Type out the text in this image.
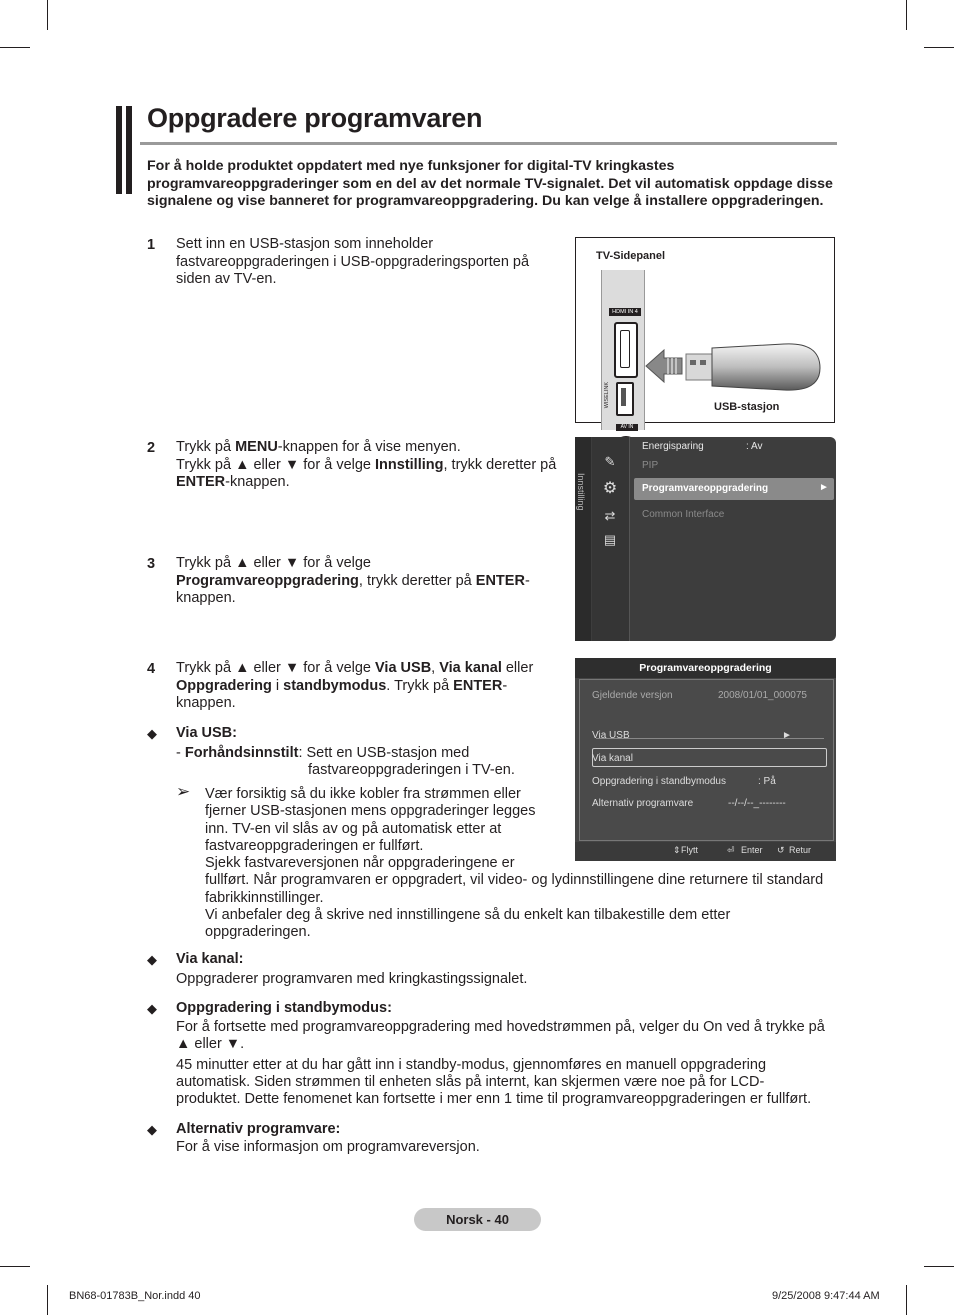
Oppgradere programvaren
For å holde produktet oppdatert med nye funksjoner for digital-TV kringkastes programvareoppgraderinger som en del av det normale TV-signalet. Det vil automatisk oppdage disse signalene og vise banneret for programvareoppgradering. Du kan velge å installere oppgraderingen.
1 Sett inn en USB-stasjon som inneholder fastvareoppgraderingen i USB-oppgraderingsporten på siden av TV-en.
TV-Sidepanel
HDMI IN 4
WISELINK
AV IN
USB-stasjon
2 Trykk på MENU-knappen for å vise menyen.
Trykk på ▲ eller ▼ for å velge Innstilling, trykk deretter på ENTER-knappen.	Innstilling
✎
⚙
⇄
▤
Energisparing	: Av
PIP
Programvareoppgradering	►
Common Interface
3 Trykk på ▲ eller ▼ for å velge
Programvareoppgradering, trykk deretter på ENTER-knappen.
4 Trykk på ▲ eller ▼ for å velge Via USB, Via kanal eller
Oppgradering i standbymodus. Trykk på ENTER-knappen.
Programvareoppgradering
Gjeldende versjon	2008/01/01_000075
Via USB	►
Via kanal
Oppgradering i standbymodus	: På
Alternativ programvare	--/--/--_--------
⇕ Flytt	⏎ Enter ↺ Retur
◆ Via USB:
- Forhåndsinnstilt: Sett en USB-stasjon med
fastvareoppgraderingen i TV-en.
➢ Vær forsiktig så du ikke kobler fra strømmen eller
fjerner USB-stasjonen mens oppgraderinger legges
inn. TV-en vil slås av og på automatisk etter at
fastvareoppgraderingen er fullført.
Sjekk fastvareversjonen når oppgraderingene er
fullført. Når programvaren er oppgradert, vil video- og lydinnstillingene dine returnere til standard
fabrikkinnstillinger.
Vi anbefaler deg å skrive ned innstillingene så du enkelt kan tilbakestille dem etter
oppgraderingen.
◆ Via kanal:
Oppgraderer programvaren med kringkastingssignalet.
◆ Oppgradering i standbymodus:
For å fortsette med programvareoppgradering med hovedstrømmen på, velger du On ved å trykke på
▲ eller ▼.
45 minutter etter at du har gått inn i standby-modus, gjennomføres en manuell oppgradering
automatisk. Siden strømmen til enheten slås på internt, kan skjermen være noe på for LCD-
produktet. Dette fenomenet kan fortsette i mer enn 1 time til programvareoppgraderingen er fullført.
◆ Alternativ programvare:
For å vise informasjon om programvareversjon.
Norsk - 40
BN68-01783B_Nor.indd 40	9/25/2008 9:47:44 AM
